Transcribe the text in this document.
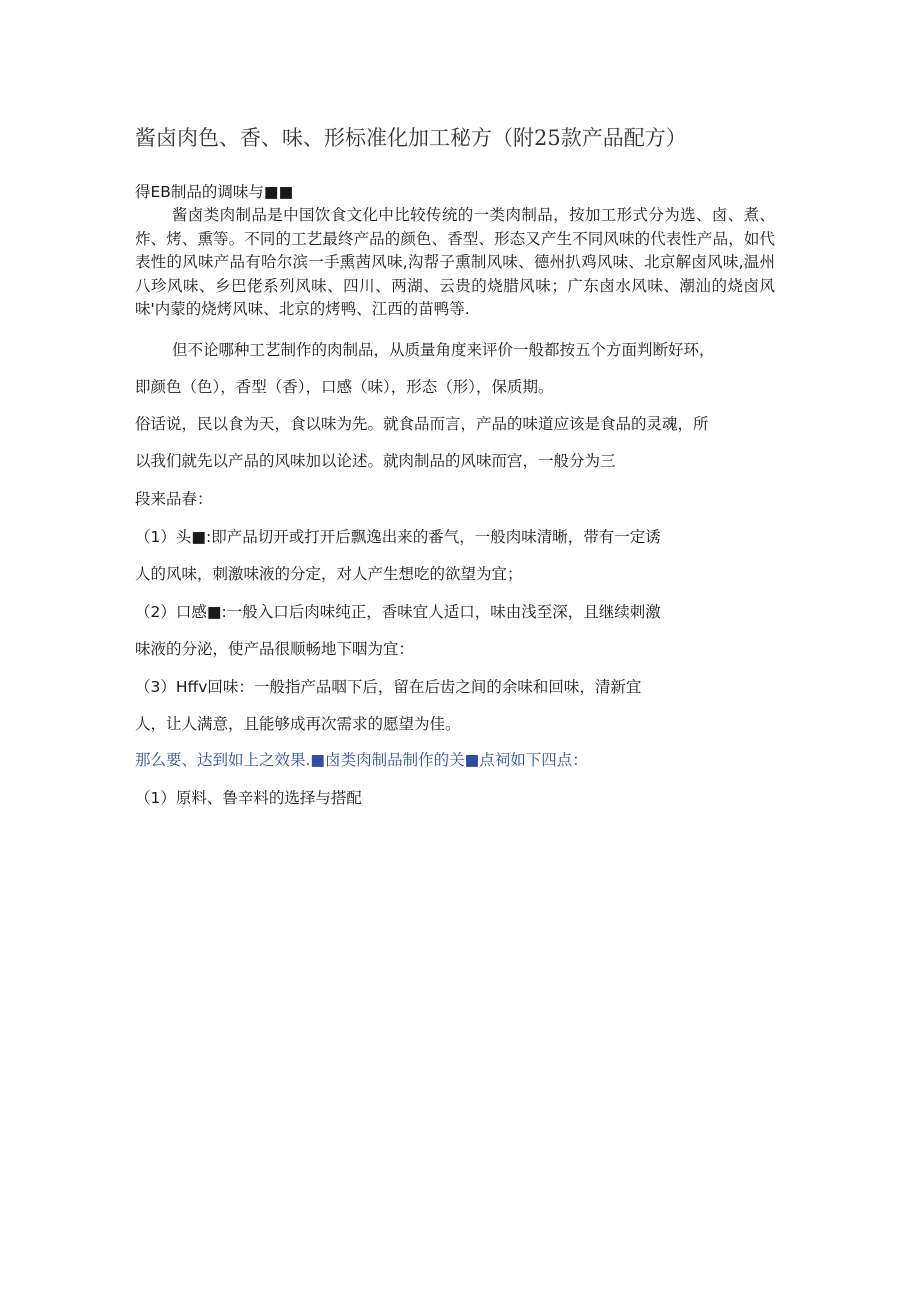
酱卤肉色、香、味、形标准化加工秘方（附25款产品配方）
得EB制品的调味与■■
酱卤类肉制品是中国饮食文化中比较传统的一类肉制品，按加工形式分为选、卤、煮、炸、烤、熏等。不同的工艺最终产品的颜色、香型、形态又产生不同风味的代表性产品，如代表性的风味产品有哈尔滨一手熏茜风味,沟帮子熏制风味、德州扒鸡风味、北京解卤风味,温州八珍风味、乡巴佬系列风味、四川、两湖、云贵的烧腊风味；广东卤水风味、潮汕的烧卤风味'内蒙的烧烤风味、北京的烤鸭、江西的苗鸭等.
但不论哪种工艺制作的肉制品，从质量角度来评价一般都按五个方面判断好环，
即颜色（色），香型（香），口感（味），形态（形），保质期。
俗话说，民以食为天，食以味为先。就食品而言，产品的味道应该是食品的灵魂，所
以我们就先以产品的风味加以论述。就肉制品的风味而宫，一般分为三
段来品春：
（1）头■:即产品切开或打开后飘逸出来的番气，一般肉味清晰，带有一定诱
人的风味，刺激味液的分定，对人产生想吃的欲望为宜；
（2）口感■:一般入口后肉味纯正，香味宜人适口，味由浅至深，且继续刺激
味液的分泌，使产品很顺畅地下咽为宜：
（3）Hffv回味：一般指产品咽下后，留在后齿之间的余味和回味，清新宜
人，让人满意，且能够成再次需求的愿望为佳。
那么要、达到如上之效果.■卤类肉制品制作的关■点祠如下四点：
（1）原料、鲁辛料的选择与搭配
